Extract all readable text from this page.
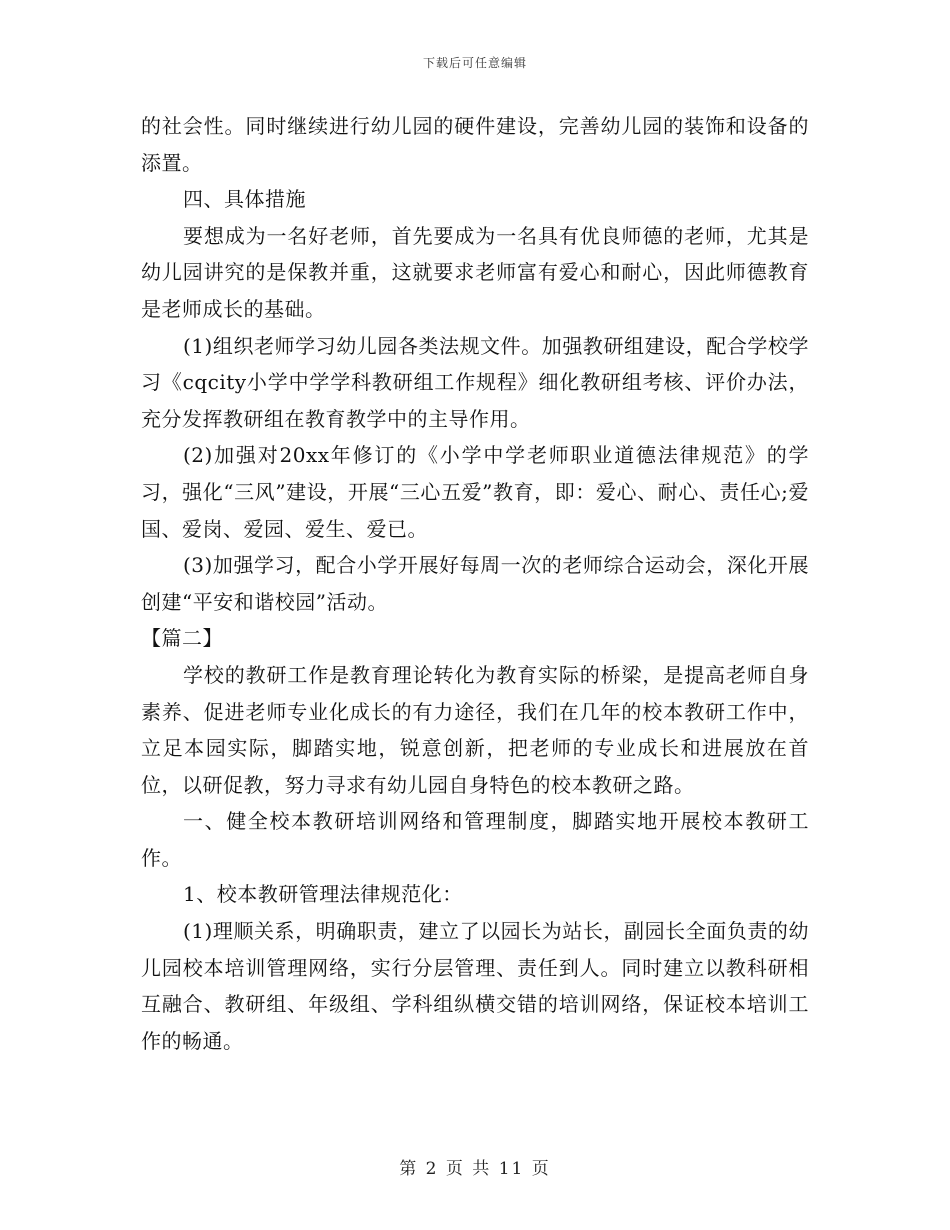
下载后可任意编辑

的社会性。同时继续进行幼儿园的硬件建设，完善幼儿园的装饰和设备的添置。

四、具体措施

要想成为一名好老师，首先要成为一名具有优良师德的老师，尤其是幼儿园讲究的是保教并重，这就要求老师富有爱心和耐心，因此师德教育是老师成长的基础。

(1)组织老师学习幼儿园各类法规文件。加强教研组建设，配合学校学习《cqcity小学中学学科教研组工作规程》细化教研组考核、评价办法，充分发挥教研组在教育教学中的主导作用。

(2)加强对20xx年修订的《小学中学老师职业道德法律规范》的学习，强化“三风”建设，开展“三心五爱”教育，即：爱心、耐心、责任心;爱国、爱岗、爱园、爱生、爱已。

(3)加强学习，配合小学开展好每周一次的老师综合运动会，深化开展创建“平安和谐校园”活动。

【篇二】

学校的教研工作是教育理论转化为教育实际的桥梁，是提高老师自身素养、促进老师专业化成长的有力途径，我们在几年的校本教研工作中，立足本园实际，脚踏实地，锐意创新，把老师的专业成长和进展放在首位，以研促教，努力寻求有幼儿园自身特色的校本教研之路。

一、健全校本教研培训网络和管理制度，脚踏实地开展校本教研工作。

1、校本教研管理法律规范化：

(1)理顺关系，明确职责，建立了以园长为站长，副园长全面负责的幼儿园校本培训管理网络，实行分层管理、责任到人。同时建立以教科研相互融合、教研组、年级组、学科组纵横交错的培训网络，保证校本培训工作的畅通。

第 2 页 共 11 页
